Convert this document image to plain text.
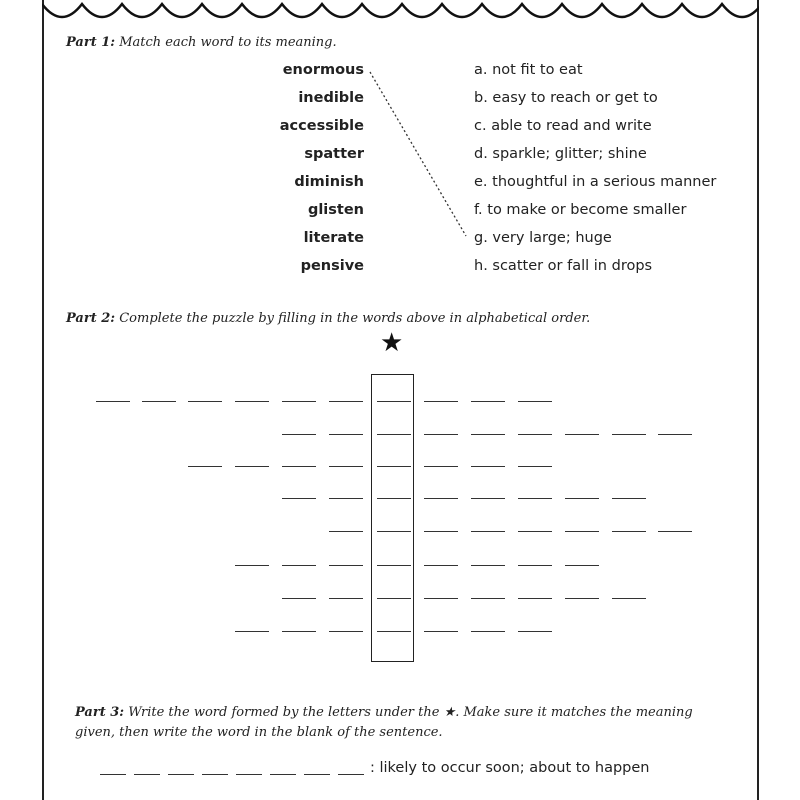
Part 1: Match each word to its meaning.
enormous
inedible
accessible
spatter
diminish
glisten
literate
pensive
a. not fit to eat
b. easy to reach or get to
c. able to read and write
d. sparkle; glitter; shine
e. thoughtful in a serious manner
f. to make or become smaller
g. very large; huge
h. scatter or fall in drops
Part 2: Complete the puzzle by filling in the words above in alphabetical order.
★
Part 3: Write the word formed by the letters under the ★. Make sure it matches the meaning given, then write the word in the blank of the sentence.
: likely to occur soon; about to happen
